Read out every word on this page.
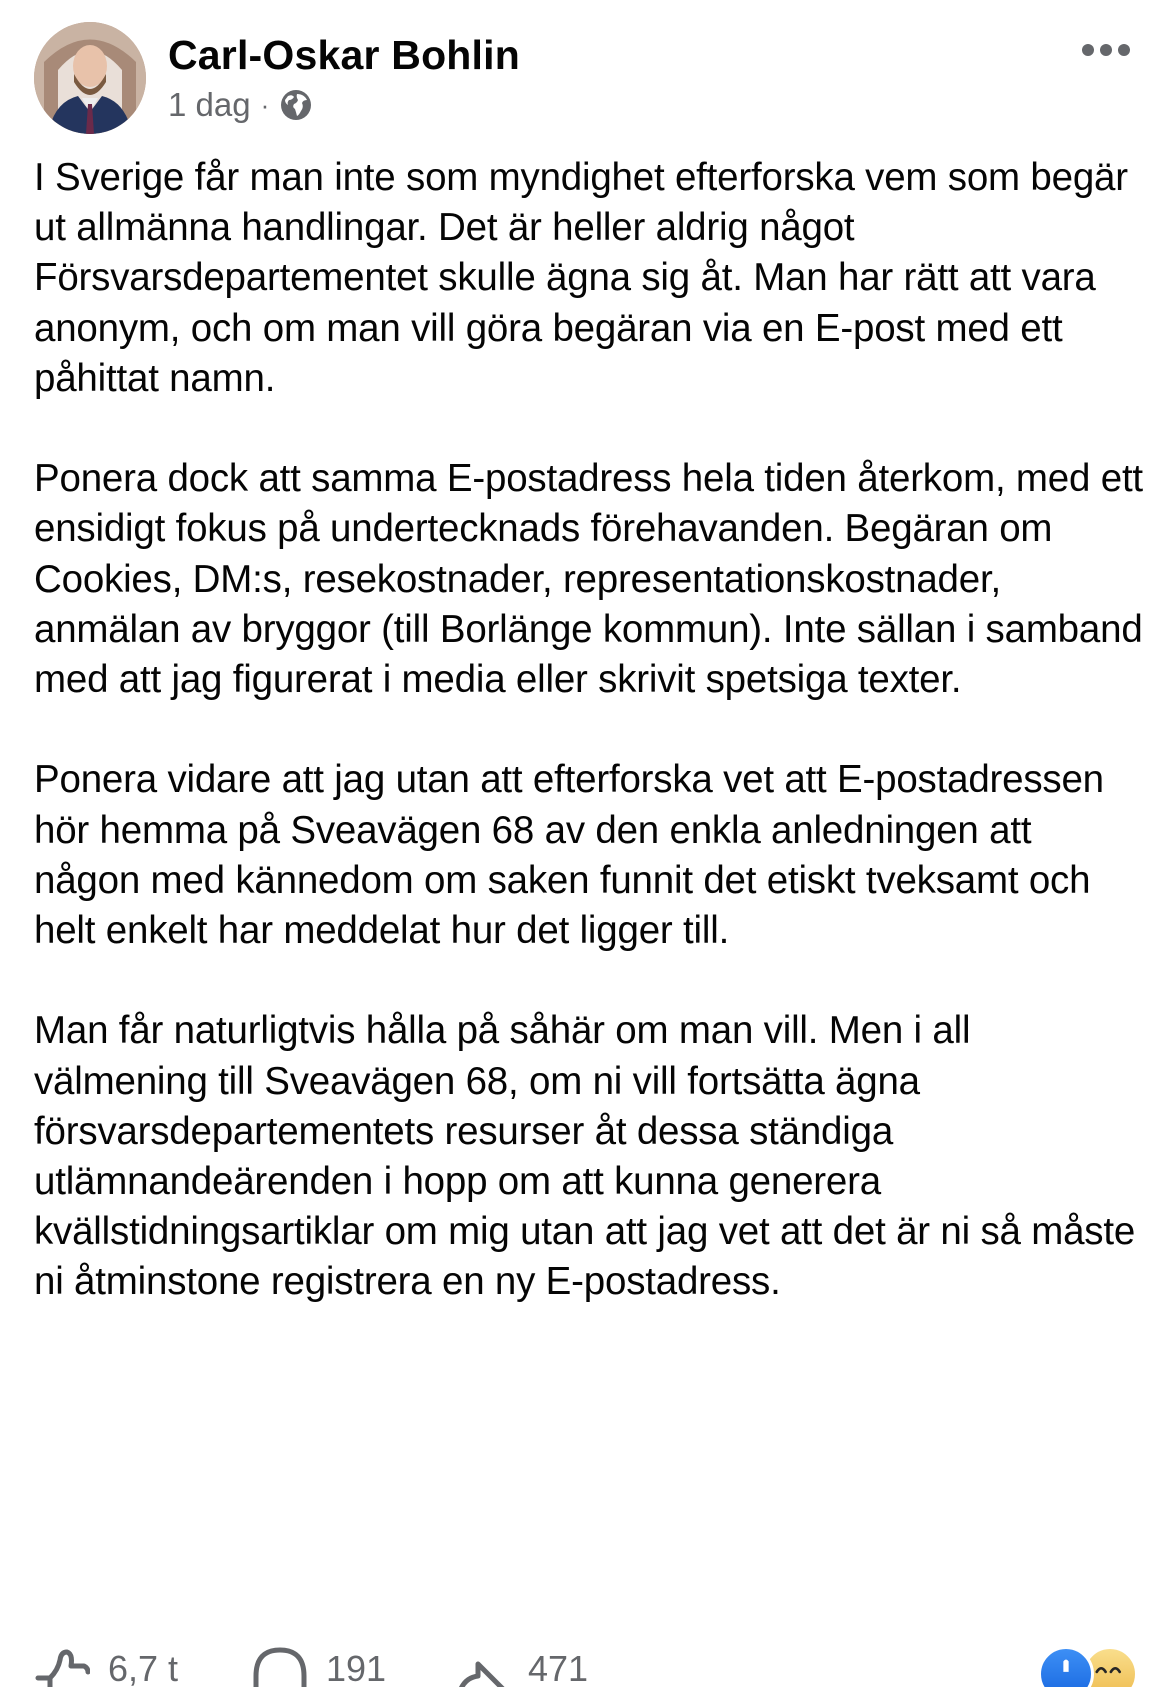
Carl-Oskar Bohlin
1 dag ·

I Sverige får man inte som myndighet efterforska vem som begär ut allmänna handlingar. Det är heller aldrig något Försvarsdepartementet skulle ägna sig åt. Man har rätt att vara anonym, och om man vill göra begäran via en E-post med ett påhittat namn.

Ponera dock att samma E-postadress hela tiden återkom, med ett ensidigt fokus på undertecknads förehavanden. Begäran om Cookies, DM:s, resekostnader, representationskostnader, anmälan av bryggor (till Borlänge kommun). Inte sällan i samband med att jag figurerat i media eller skrivit spetsiga texter.

Ponera vidare att jag utan att efterforska vet att E-postadressen hör hemma på Sveavägen 68 av den enkla anledningen att någon med kännedom om saken funnit det etiskt tveksamt och helt enkelt har meddelat hur det ligger till.

Man får naturligtvis hålla på såhär om man vill. Men i all välmening till Sveavägen 68, om ni vill fortsätta ägna försvarsdepartementets resurser åt dessa ständiga utlämnandeärenden i hopp om att kunna generera kvällstidningsartiklar om mig utan att jag vet att det är ni så måste ni åtminstone registrera en ny E-postadress.

6,7 t	191	471
